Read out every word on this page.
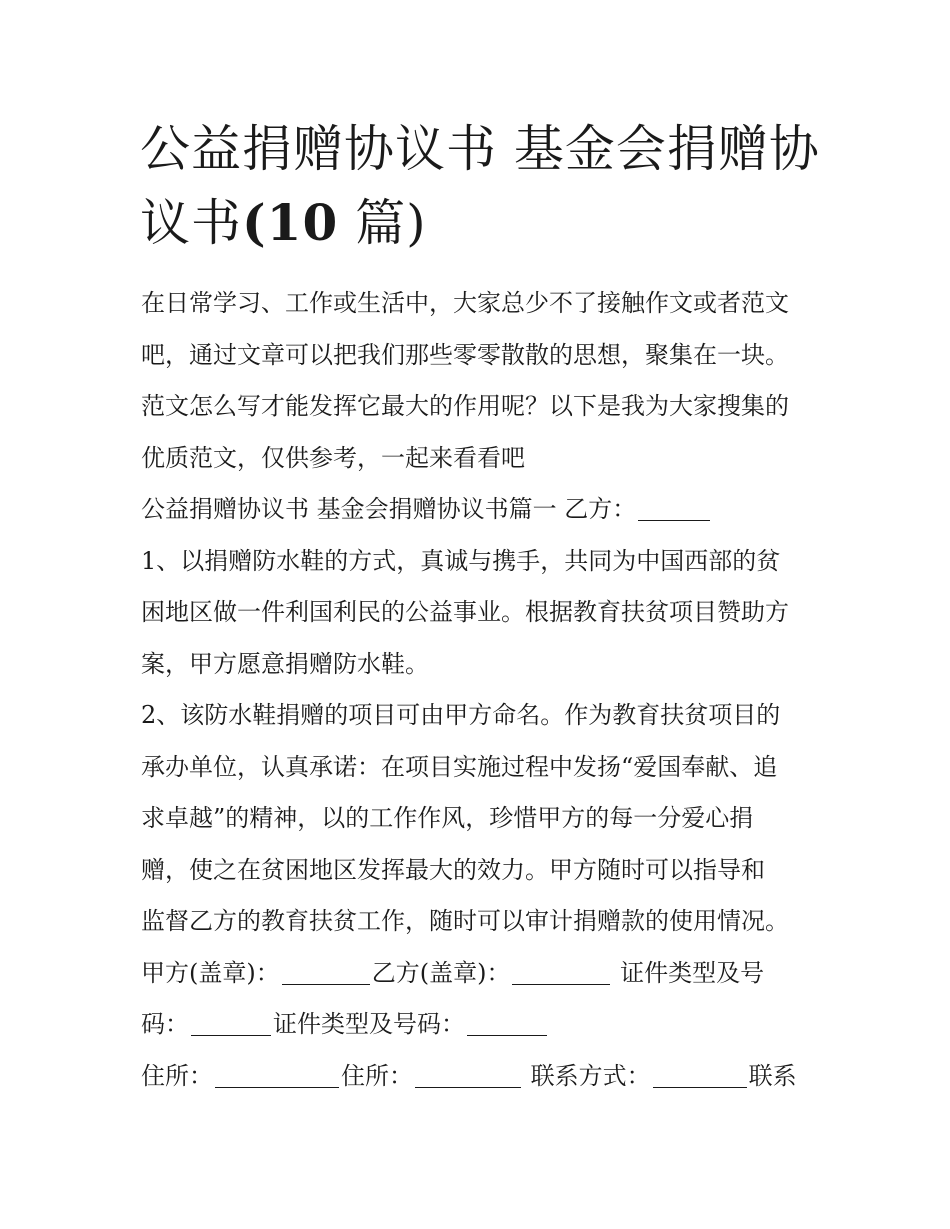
公益捐赠协议书 基金会捐赠协
议书(10 篇)
在日常学习、工作或生活中，大家总少不了接触作文或者范文
吧，通过文章可以把我们那些零零散散的思想，聚集在一块。
范文怎么写才能发挥它最大的作用呢？以下是我为大家搜集的
优质范文，仅供参考，一起来看看吧
公益捐赠协议书 基金会捐赠协议书篇一 乙方：
1、以捐赠防水鞋的方式，真诚与携手，共同为中国西部的贫
困地区做一件利国利民的公益事业。根据教育扶贫项目赞助方
案，甲方愿意捐赠防水鞋。
2、该防水鞋捐赠的项目可由甲方命名。作为教育扶贫项目的
承办单位，认真承诺：在项目实施过程中发扬“爱国奉献、追
求卓越”的精神，以的工作作风，珍惜甲方的每一分爱心捐
赠，使之在贫困地区发挥最大的效力。甲方随时可以指导和
监督乙方的教育扶贫工作，随时可以审计捐赠款的使用情况。
甲方(盖章)：	乙方(盖章)：	证件类型及号
码：	证件类型及号码：
住所：	住所：	联系方式：	联系
